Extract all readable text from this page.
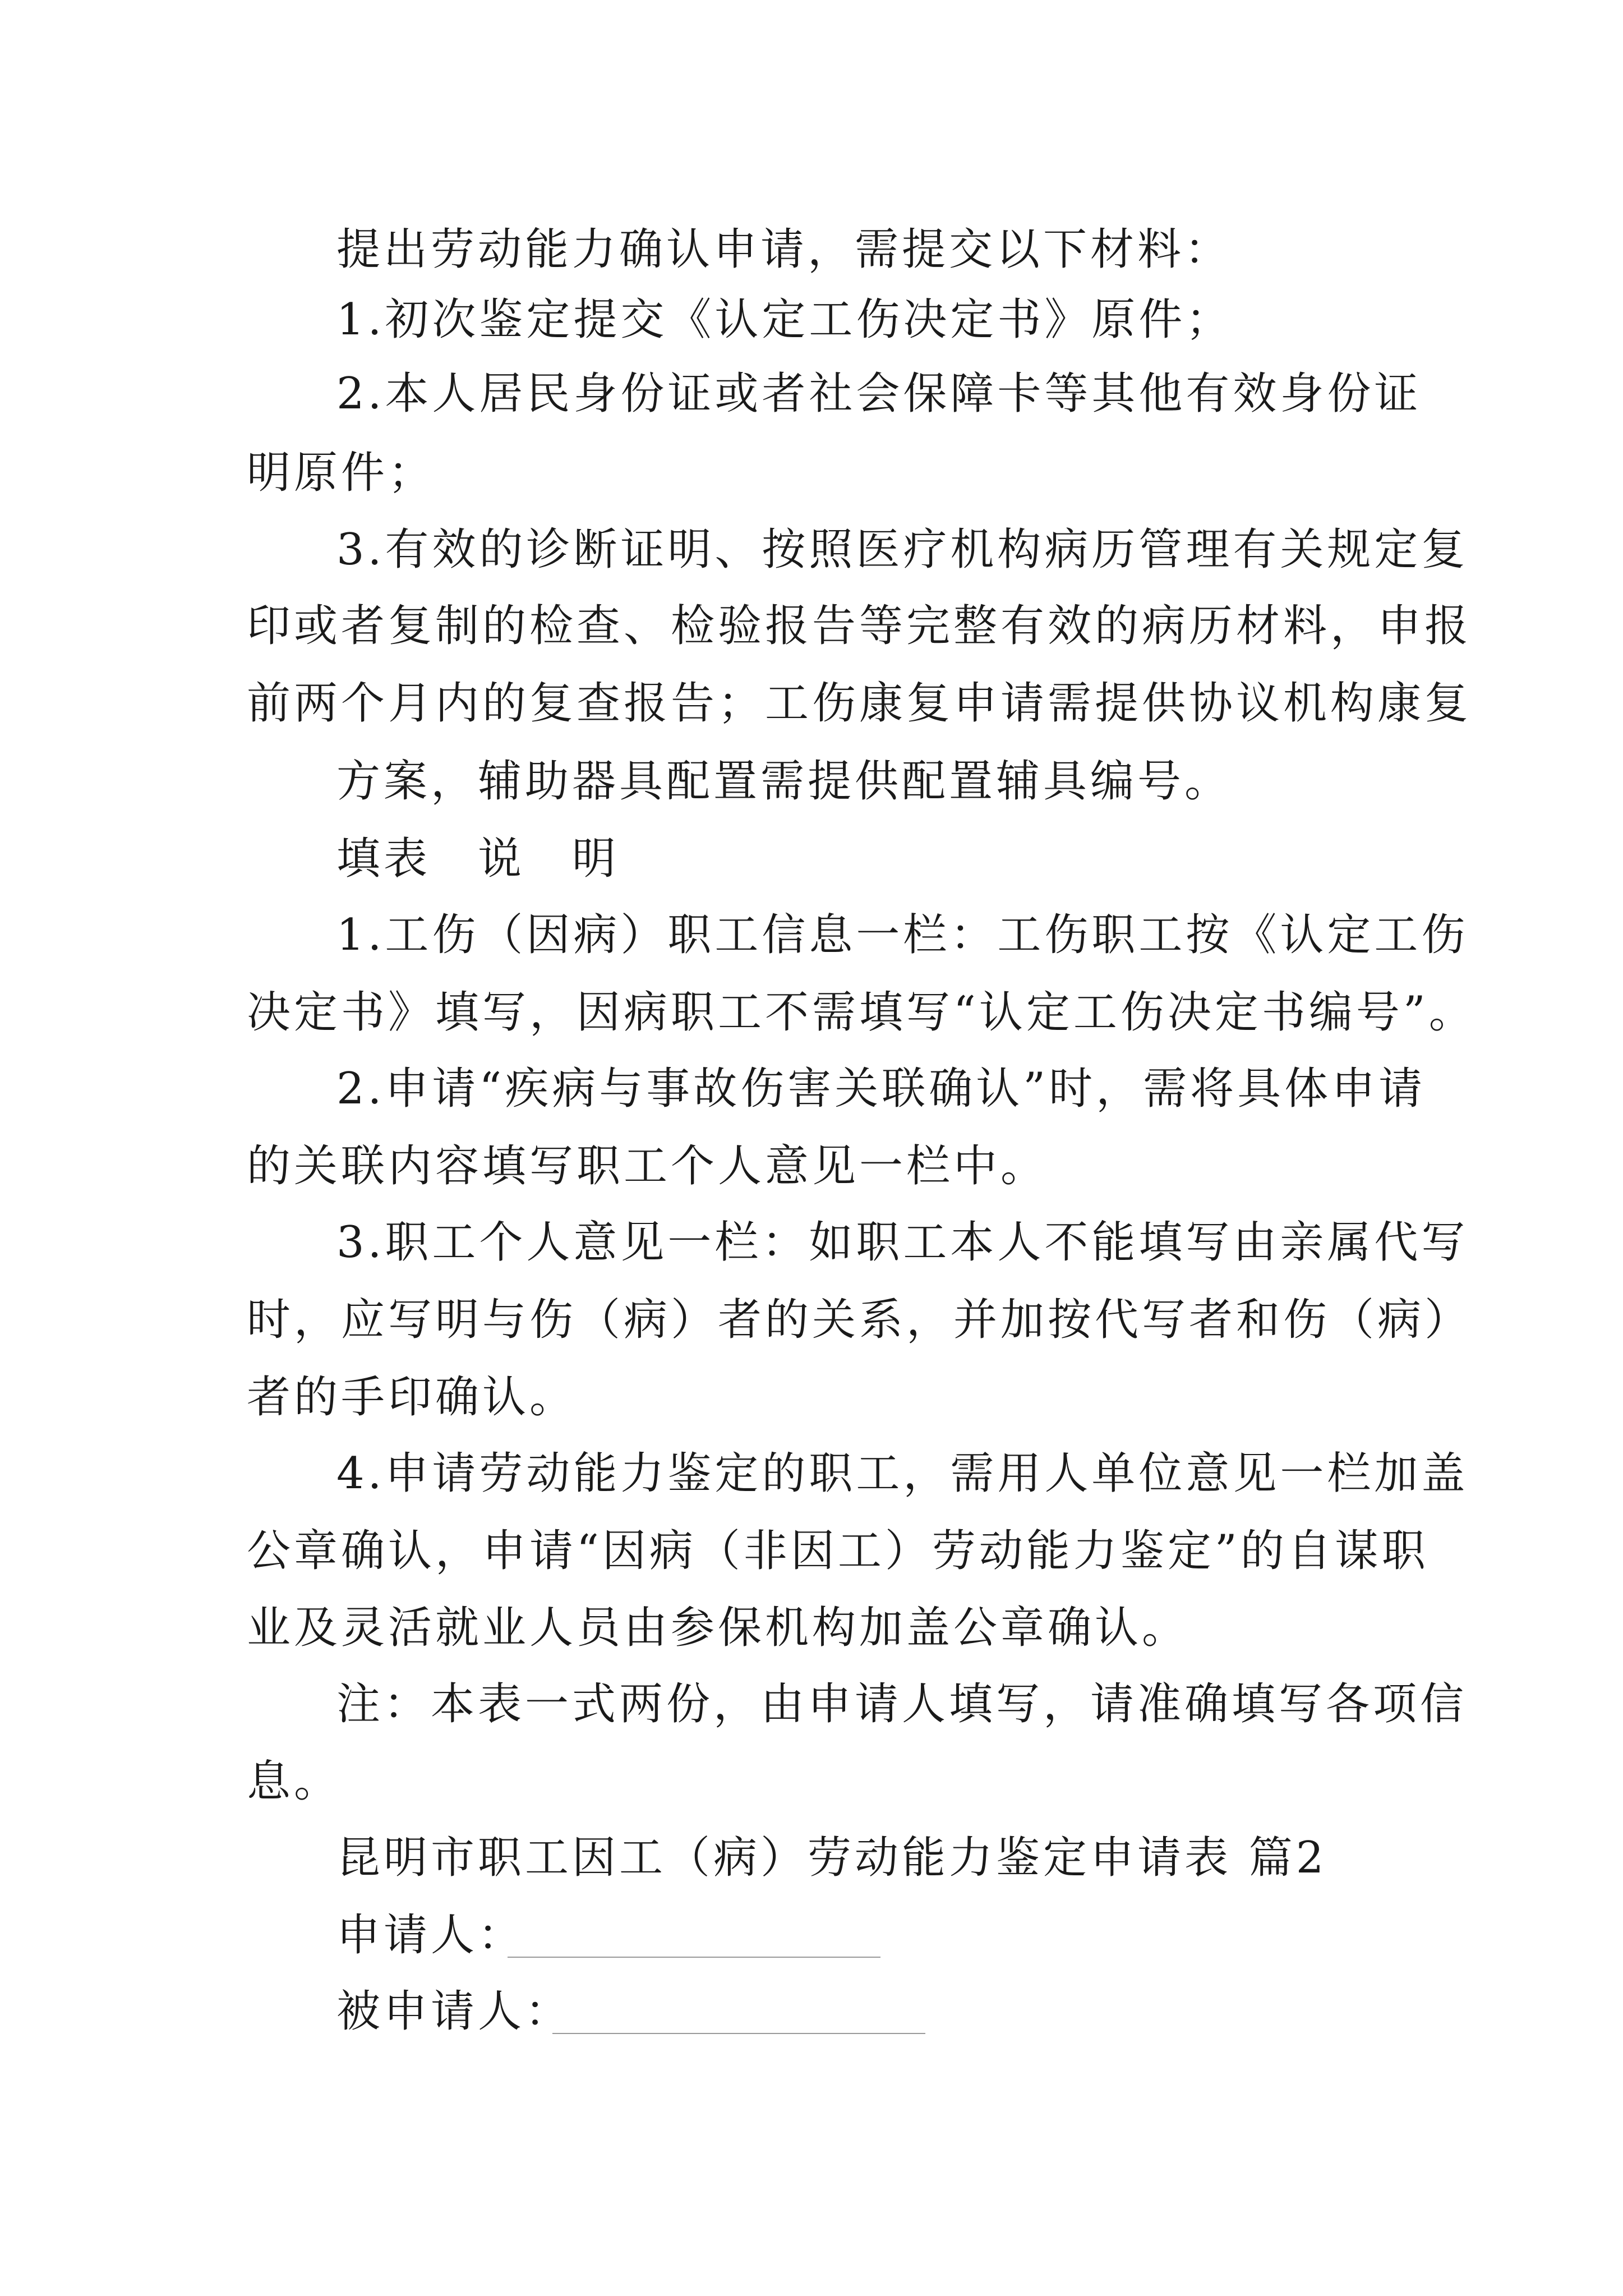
提出劳动能力确认申请，需提交以下材料：
1.初次鉴定提交《认定工伤决定书》原件；
2.本人居民身份证或者社会保障卡等其他有效身份证
明原件；
3.有效的诊断证明、按照医疗机构病历管理有关规定复
印或者复制的检查、检验报告等完整有效的病历材料，申报
前两个月内的复查报告；工伤康复申请需提供协议机构康复
方案，辅助器具配置需提供配置辅具编号。
填表　说　明
1.工伤（因病）职工信息一栏：工伤职工按《认定工伤
决定书》填写，因病职工不需填写“认定工伤决定书编号”。
2.申请“疾病与事故伤害关联确认”时，需将具体申请
的关联内容填写职工个人意见一栏中。
3.职工个人意见一栏：如职工本人不能填写由亲属代写
时，应写明与伤（病）者的关系，并加按代写者和伤（病）
者的手印确认。
4.申请劳动能力鉴定的职工，需用人单位意见一栏加盖
公章确认，申请“因病（非因工）劳动能力鉴定”的自谋职
业及灵活就业人员由参保机构加盖公章确认。
注：本表一式两份，由申请人填写，请准确填写各项信
息。
昆明市职工因工（病）劳动能力鉴定申请表 篇2
申请人：
被申请人：
